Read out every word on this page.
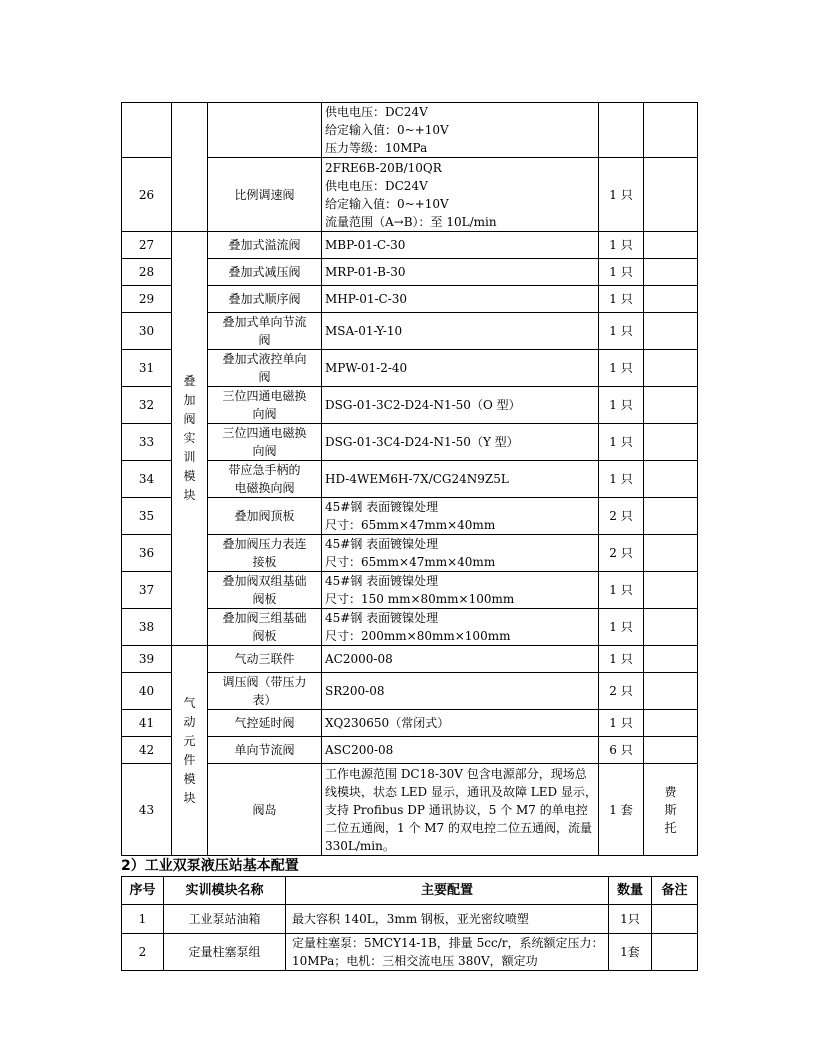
			供电电压：DC24V
给定输入值：0~+10V
压力等级：10MPa		
26		比例调速阀	2FRE6B-20B/10QR
供电电压：DC24V
给定输入值：0~+10V
流量范围（A→B）：至 10L/min	1 只	
27	叠加阀实训模块	叠加式溢流阀	MBP-01-C-30	1 只	
28		叠加式减压阀	MRP-01-B-30	1 只	
29		叠加式顺序阀	MHP-01-C-30	1 只	
30		叠加式单向节流
阀	MSA-01-Y-10	1 只	
31		叠加式液控单向
阀	MPW-01-2-40	1 只	
32		三位四通电磁换
向阀	DSG-01-3C2-D24-N1-50（O 型）	1 只	
33		三位四通电磁换
向阀	DSG-01-3C4-D24-N1-50（Y 型）	1 只	
34		带应急手柄的
电磁换向阀	HD-4WEM6H-7X/CG24N9Z5L	1 只	
35		叠加阀顶板	45#钢 表面镀镍处理
尺寸：65mm×47mm×40mm	2 只	
36		叠加阀压力表连
接板	45#钢 表面镀镍处理
尺寸：65mm×47mm×40mm	2 只	
37		叠加阀双组基础
阀板	45#钢 表面镀镍处理
尺寸：150 mm×80mm×100mm	1 只	
38		叠加阀三组基础
阀板	45#钢 表面镀镍处理
尺寸：200mm×80mm×100mm	1 只	
39	气动元件模块	气动三联件	AC2000-08	1 只	
40		调压阀（带压力
表）	SR200-08	2 只	
41		气控延时阀	XQ230650（常闭式）	1 只	
42		单向节流阀	ASC200-08	6 只	
43		阀岛	工作电源范围 DC18-30V 包含电源部分，现场总线模块，状态 LED 显示，通讯及故障 LED 显示，支持 Profibus DP 通讯协议，5 个 M7 的单电控二位五通阀，1 个 M7 的双电控二位五通阀，流量 330L/min。	1 套	费斯托
2）工业双泵液压站基本配置
序号	实训模块名称	主要配置	数量	备注
1	工业泵站油箱	最大容积 140L，3mm 钢板，亚光密纹喷塑	1只	
2	定量柱塞泵组	定量柱塞泵：5MCY14-1B，排量 5cc/r，系统额定压力：10MPa；电机：三相交流电压 380V，额定功	1套	
